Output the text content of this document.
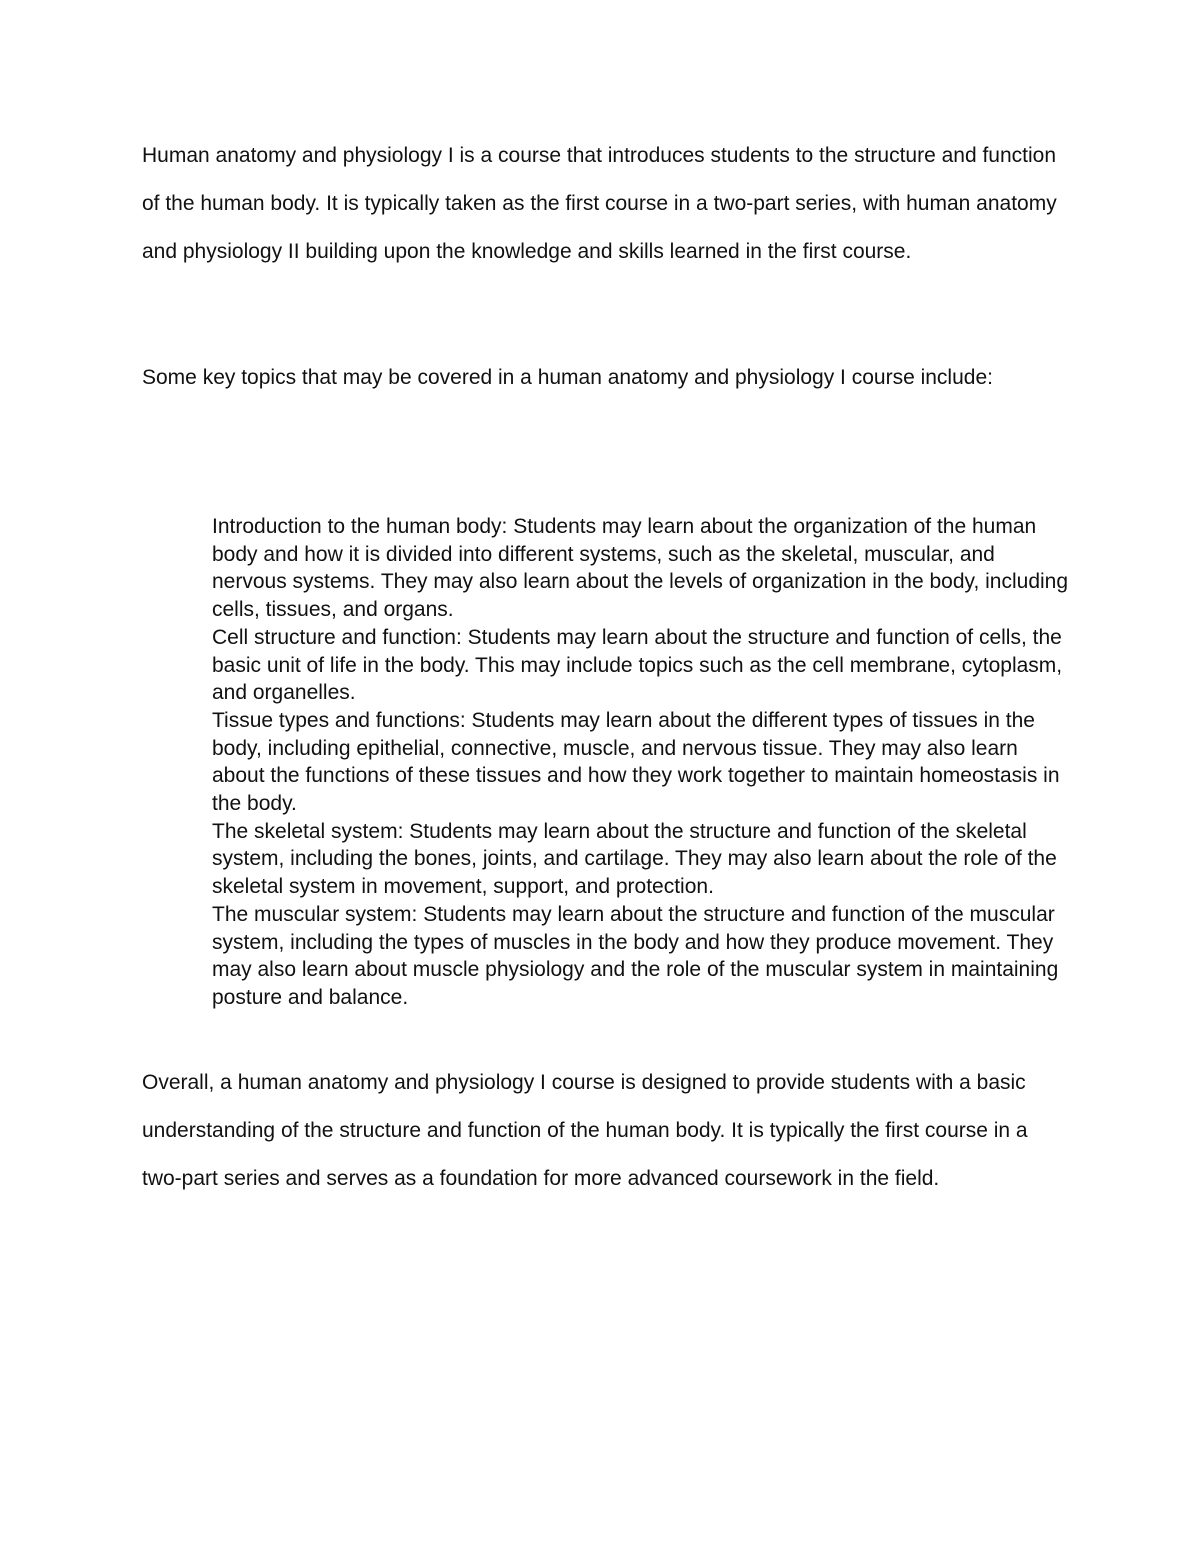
Human anatomy and physiology I is a course that introduces students to the structure and function of the human body. It is typically taken as the first course in a two-part series, with human anatomy and physiology II building upon the knowledge and skills learned in the first course.

Some key topics that may be covered in a human anatomy and physiology I course include:

Introduction to the human body: Students may learn about the organization of the human body and how it is divided into different systems, such as the skeletal, muscular, and nervous systems. They may also learn about the levels of organization in the body, including cells, tissues, and organs.
Cell structure and function: Students may learn about the structure and function of cells, the basic unit of life in the body. This may include topics such as the cell membrane, cytoplasm, and organelles.
Tissue types and functions: Students may learn about the different types of tissues in the body, including epithelial, connective, muscle, and nervous tissue. They may also learn about the functions of these tissues and how they work together to maintain homeostasis in the body.
The skeletal system: Students may learn about the structure and function of the skeletal system, including the bones, joints, and cartilage. They may also learn about the role of the skeletal system in movement, support, and protection.
The muscular system: Students may learn about the structure and function of the muscular system, including the types of muscles in the body and how they produce movement. They may also learn about muscle physiology and the role of the muscular system in maintaining posture and balance.

Overall, a human anatomy and physiology I course is designed to provide students with a basic understanding of the structure and function of the human body. It is typically the first course in a two-part series and serves as a foundation for more advanced coursework in the field.
